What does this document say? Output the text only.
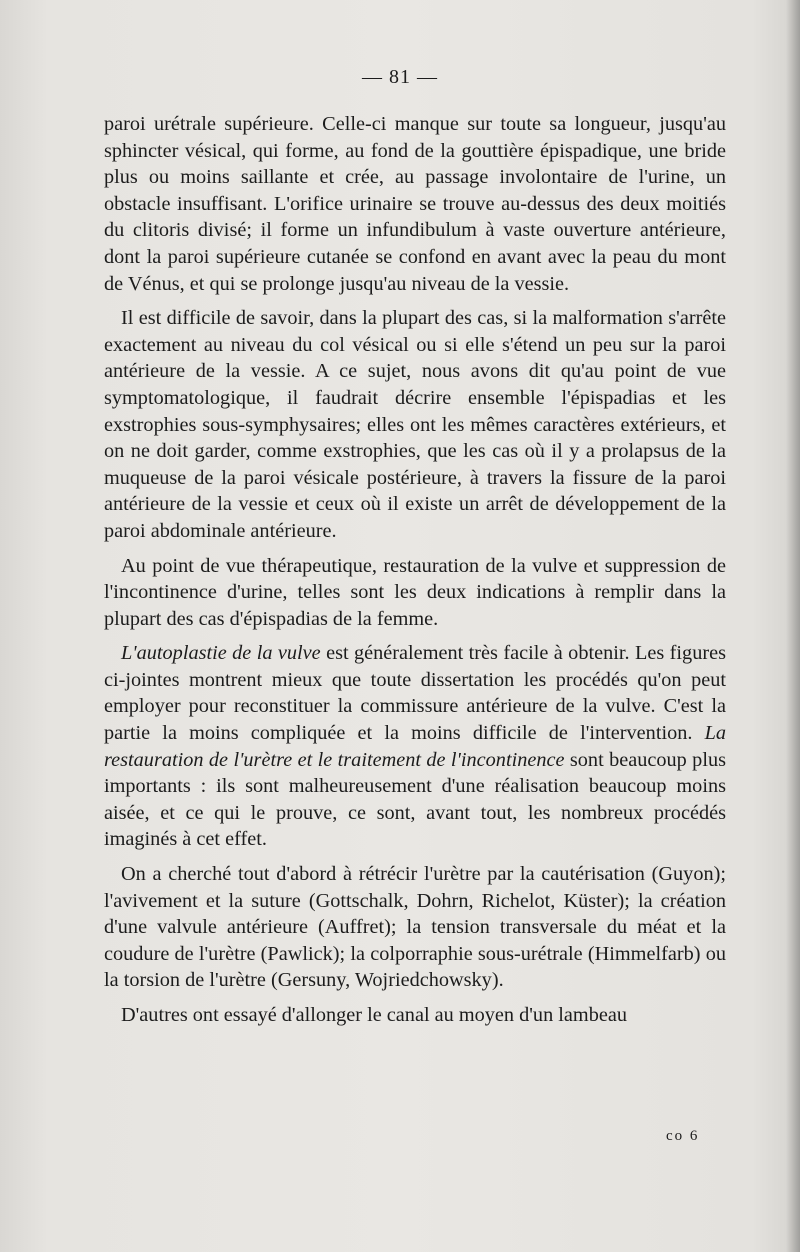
— 81 —

paroi urétrale supérieure. Celle-ci manque sur toute sa longueur, jusqu'au sphincter vésical, qui forme, au fond de la gouttière épispadique, une bride plus ou moins saillante et crée, au passage involontaire de l'urine, un obstacle insuffisant. L'orifice urinaire se trouve au-dessus des deux moitiés du clitoris divisé; il forme un infundibulum à vaste ouverture antérieure, dont la paroi supérieure cutanée se confond en avant avec la peau du mont de Vénus, et qui se prolonge jusqu'au niveau de la vessie.

Il est difficile de savoir, dans la plupart des cas, si la malformation s'arrête exactement au niveau du col vésical ou si elle s'étend un peu sur la paroi antérieure de la vessie. A ce sujet, nous avons dit qu'au point de vue symptomatologique, il faudrait décrire ensemble l'épispadias et les exstrophies sous-symphysaires; elles ont les mêmes caractères extérieurs, et on ne doit garder, comme exstrophies, que les cas où il y a prolapsus de la muqueuse de la paroi vésicale postérieure, à travers la fissure de la paroi antérieure de la vessie et ceux où il existe un arrêt de développement de la paroi abdominale antérieure.

Au point de vue thérapeutique, restauration de la vulve et suppression de l'incontinence d'urine, telles sont les deux indications à remplir dans la plupart des cas d'épispadias de la femme.

L'autoplastie de la vulve est généralement très facile à obtenir. Les figures ci-jointes montrent mieux que toute dissertation les procédés qu'on peut employer pour reconstituer la commissure antérieure de la vulve. C'est la partie la moins compliquée et la moins difficile de l'intervention. La restauration de l'urètre et le traitement de l'incontinence sont beaucoup plus importants : ils sont malheureusement d'une réalisation beaucoup moins aisée, et ce qui le prouve, ce sont, avant tout, les nombreux procédés imaginés à cet effet.

On a cherché tout d'abord à rétrécir l'urètre par la cautérisation (Guyon); l'avivement et la suture (Gottschalk, Dohrn, Richelot, Küster); la création d'une valvule antérieure (Auffret); la tension transversale du méat et la coudure de l'urètre (Pawlick); la colporraphie sous-urétrale (Himmelfarb) ou la torsion de l'urètre (Gersuny, Wojriedchowsky).

D'autres ont essayé d'allonger le canal au moyen d'un lambeau

co 6
